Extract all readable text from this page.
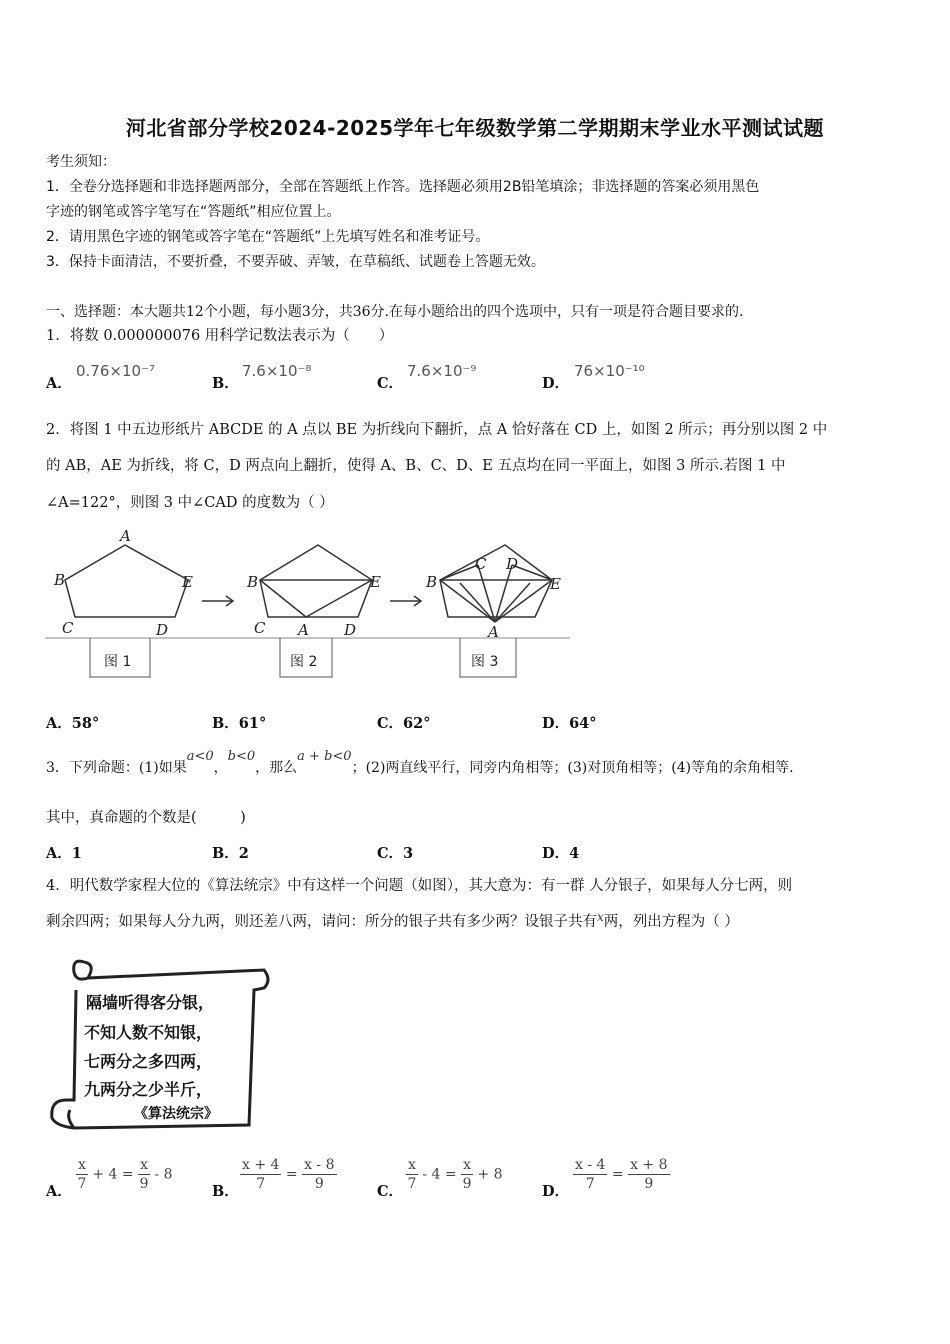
河北省部分学校2024-2025学年七年级数学第二学期期末学业水平测试试题
考生须知：
1．全卷分选择题和非选择题两部分，全部在答题纸上作答。选择题必须用2B铅笔填涂；非选择题的答案必须用黑色
字迹的钢笔或答字笔写在“答题纸”相应位置上。
2．请用黑色字迹的钢笔或答字笔在“答题纸”上先填写姓名和准考证号。
3．保持卡面清洁，不要折叠，不要弄破、弄皱，在草稿纸、试题卷上答题无效。
一、选择题：本大题共12个小题，每小题3分，共36分.在每小题给出的四个选项中，只有一项是符合题目要求的.
1．将数 0.000000076 用科学记数法表示为（　　）
A．
0.76×10⁻⁷
B．
7.6×10⁻⁸
C．
7.6×10⁻⁹
D．
76×10⁻¹⁰
2．将图 1 中五边形纸片 ABCDE 的 A 点以 BE 为折线向下翻折，点 A 恰好落在 CD 上，如图 2 所示；再分别以图 2 中
的 AB，AE 为折线，将 C，D 两点向上翻折，使得 A、B、C、D、E 五点均在同一平面上，如图 3 所示.若图 1 中
∠A=122°，则图 3 中∠CAD 的度数为（ ）
A
B
C	D
E	B
C A D
E	B
C D
E
A
图 1	图 2	图 3
A．58°	B．61°	C．62°	D．64°
3．下列命题：(1)如果a<0，b<0，那么a + b<0；(2)两直线平行，同旁内角相等；(3)对顶角相等；(4)等角的余角相等.
其中，真命题的个数是(　　　)
A．1	B．2	C．3	D．4
4．明代数学家程大位的《算法统宗》中有这样一个问题（如图），其大意为：有一群 人分银子，如果每人分七两，则
剩余四两；如果每人分九两，则还差八两，请问：所分的银子共有多少两？设银子共有$^x$两，列出方程为（ ）
隔墙听得客分银，
不知人数不知银，
七两分之多四两，
九两分之少半斤，
《算法统宗》
A． $\frac{x}{7} + 4 = \frac{x}{9} - 8$
B． $\frac{x + 4}{7} = \frac{x - 8}{9}$	C． $\frac{x}{7} - 4 = \frac{x}{9} + 8$
D． $\frac{x - 4}{7} = \frac{x + 8}{9}$
